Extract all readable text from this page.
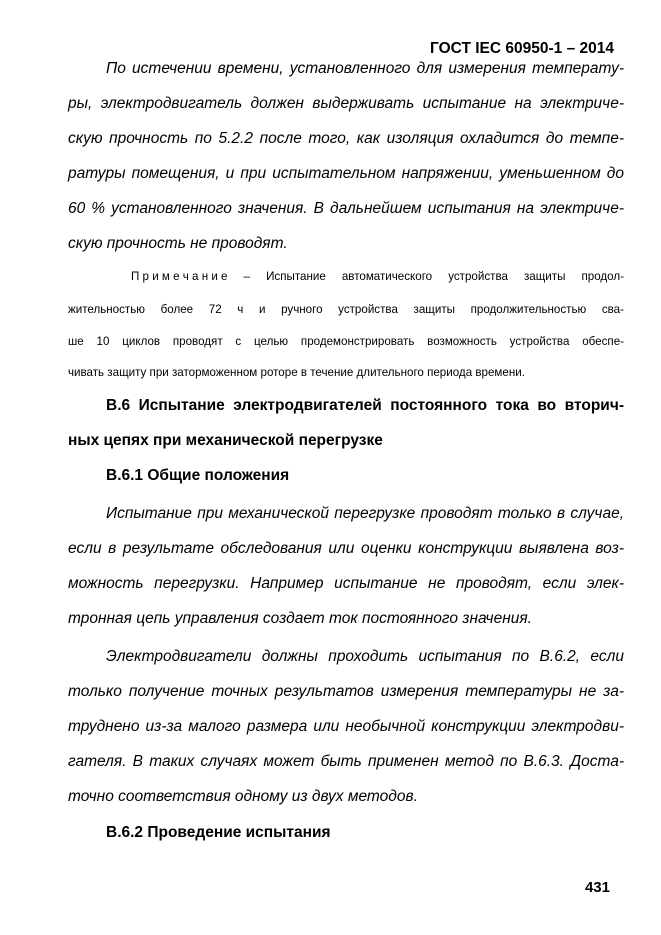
ГОСТ IEC 60950-1 – 2014
По истечении времени, установленного для измерения температу-
ры, электродвигатель должен выдерживать испытание на электриче-
скую прочность по 5.2.2 после того, как изоляция охладится до темпе-
ратуры помещения, и при испытательном напряжении, уменьшенном до
60 % установленного значения. В дальнейшем испытания на электриче-
скую прочность не проводят.
П р и м е ч а н и е – Испытание автоматического устройства защиты продол-
жительностью более 72 ч и ручного устройства защиты продолжительностью сва-
ше 10 циклов проводят с целью продемонстрировать возможность устройства обеспе-
чивать защиту при заторможенном роторе в течение длительного периода времени.
В.6 Испытание электродвигателей постоянного тока во вторич-
ных цепях при механической перегрузке
В.6.1 Общие положения
Испытание при механической перегрузке проводят только в случае,
если в результате обследования или оценки конструкции выявлена воз-
можность перегрузки. Например испытание не проводят, если элек-
тронная цепь управления создает ток постоянного значения.
Электродвигатели должны проходить испытания по В.6.2, если
только получение точных результатов измерения температуры не за-
труднено из-за малого размера или необычной конструкции электродви-
гателя. В таких случаях может быть применен метод по В.6.3. Доста-
точно соответствия одному из двух методов.
В.6.2 Проведение испытания
431
